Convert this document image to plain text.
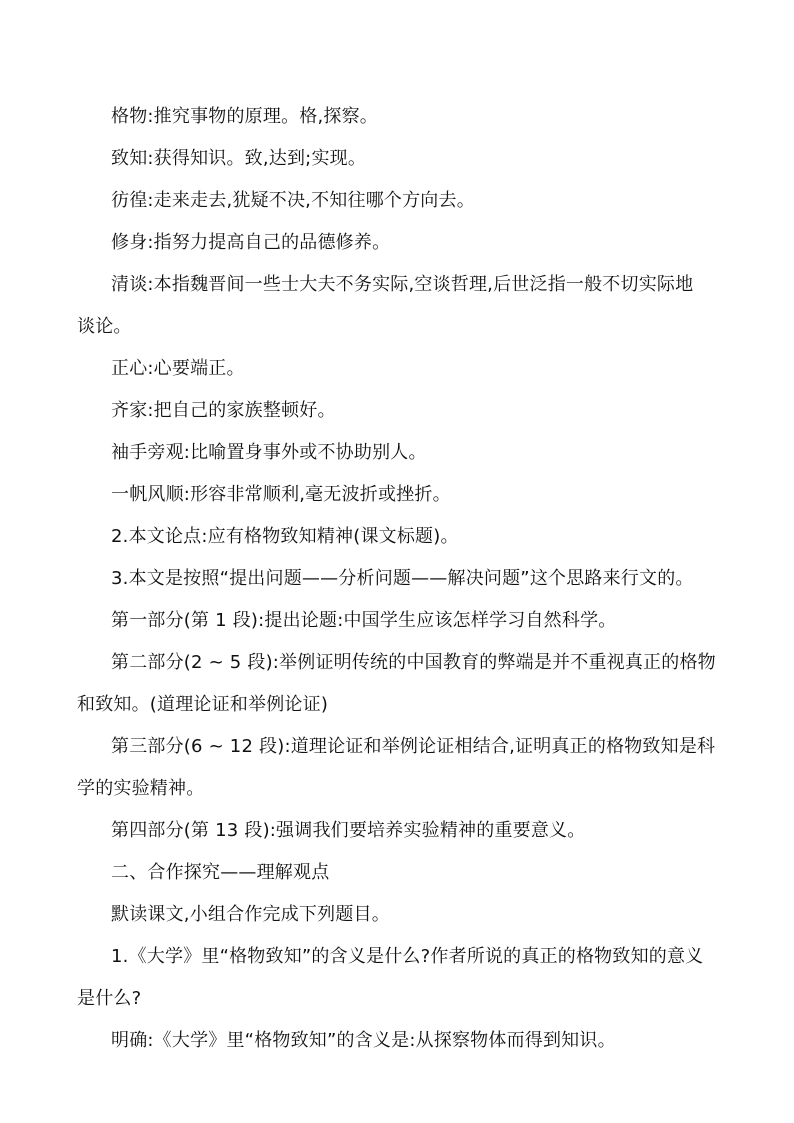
格物:推究事物的原理。格,探察。
致知:获得知识。致,达到;实现。
彷徨:走来走去,犹疑不决,不知往哪个方向去。
修身:指努力提高自己的品德修养。
清谈:本指魏晋间一些士大夫不务实际,空谈哲理,后世泛指一般不切实际地
谈论。
正心:心要端正。
齐家:把自己的家族整顿好。
袖手旁观:比喻置身事外或不协助别人。
一帆风顺:形容非常顺利,毫无波折或挫折。
2.本文论点:应有格物致知精神(课文标题)。
3.本文是按照“提出问题——分析问题——解决问题”这个思路来行文的。
第一部分(第 1 段):提出论题:中国学生应该怎样学习自然科学。
第二部分(2 ~ 5 段):举例证明传统的中国教育的弊端是并不重视真正的格物
和致知。(道理论证和举例论证)
第三部分(6 ~ 12 段):道理论证和举例论证相结合,证明真正的格物致知是科
学的实验精神。
第四部分(第 13 段):强调我们要培养实验精神的重要意义。
二、合作探究——理解观点
默读课文,小组合作完成下列题目。
1.《大学》里“格物致知”的含义是什么?作者所说的真正的格物致知的意义
是什么?
明确:《大学》里“格物致知”的含义是:从探察物体而得到知识。
